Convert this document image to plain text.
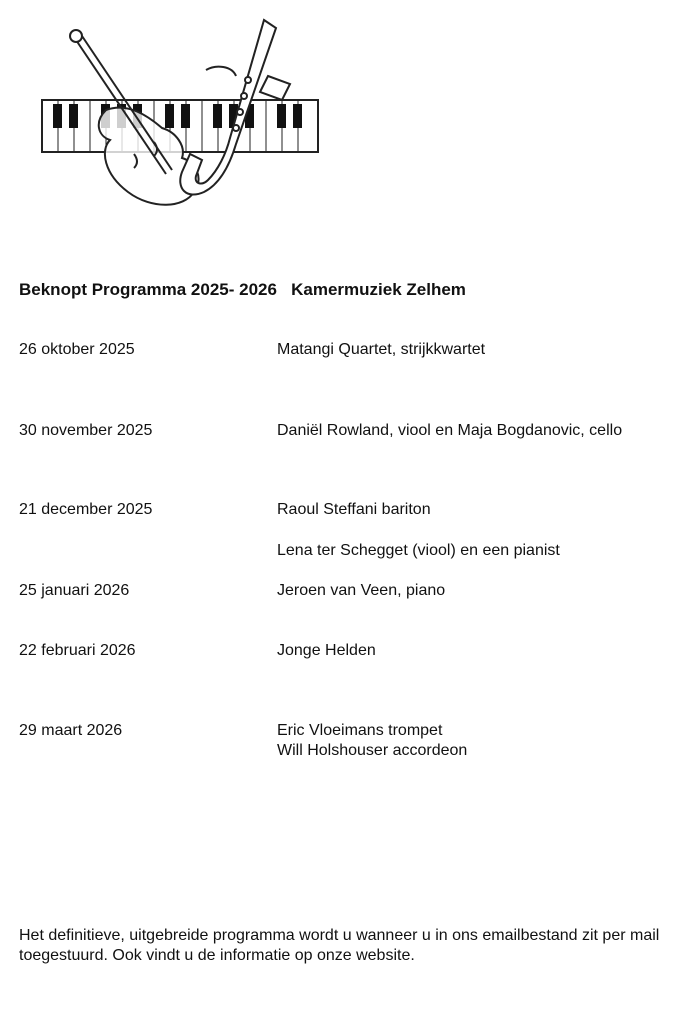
Beknopt Programma 2025- 2026   Kamermuziek Zelhem
26 oktober 2025	Matangi Quartet, strijkkwartet
30 november 2025	Daniël Rowland, viool en Maja Bogdanovic, cello
21 december 2025	Raoul Steffani bariton
Lena ter Schegget (viool) en een pianist
25 januari 2026	Jeroen van Veen, piano
22 februari 2026	Jonge Helden
29 maart 2026	Eric Vloeimans trompet
Will Holshouser accordeon
Het definitieve, uitgebreide programma wordt u wanneer u in ons emailbestand zit per mail toegestuurd. Ook vindt u de informatie op onze website.
